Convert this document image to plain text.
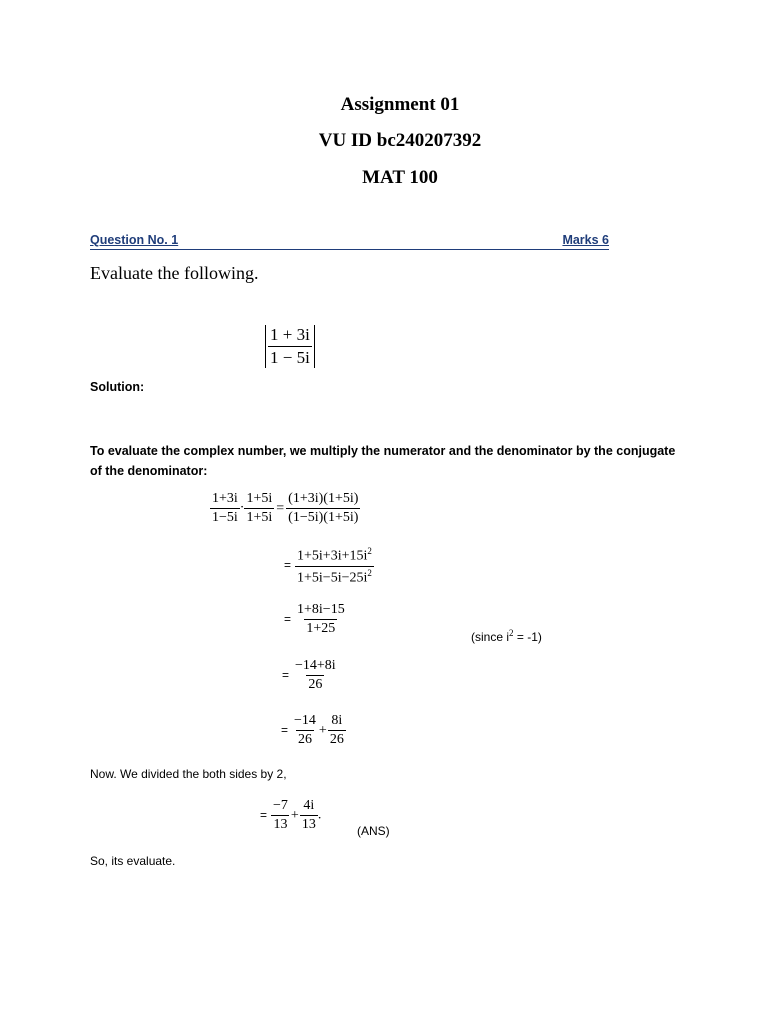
Assignment 01
VU ID bc240207392
MAT 100
Question No. 1	Marks 6
Evaluate the following.
$\frac{1 + 3i}{1 - 5i}$
Solution:
To evaluate the complex number, we multiply the numerator and the denominator by the conjugate of the denominator:
$\frac{1+3i}{1-5i} \cdot \frac{1+5i}{1+5i} = \frac{(1+3i)(1+5i)}{(1-5i)(1+5i)}$
= $\frac{1+5i+3i+15i^2}{1+5i-5i-25i^2}$
= $\frac{1+8i-15}{1+25}$	(since $i^2 = -1$)
= $\frac{-14+8i}{26}$
= $\frac{-14}{26} + \frac{8i}{26}$
Now. We divided the both sides by 2,
= $\frac{-7}{13} + \frac{4i}{13}$ .
(ANS)
So, its evaluate.
